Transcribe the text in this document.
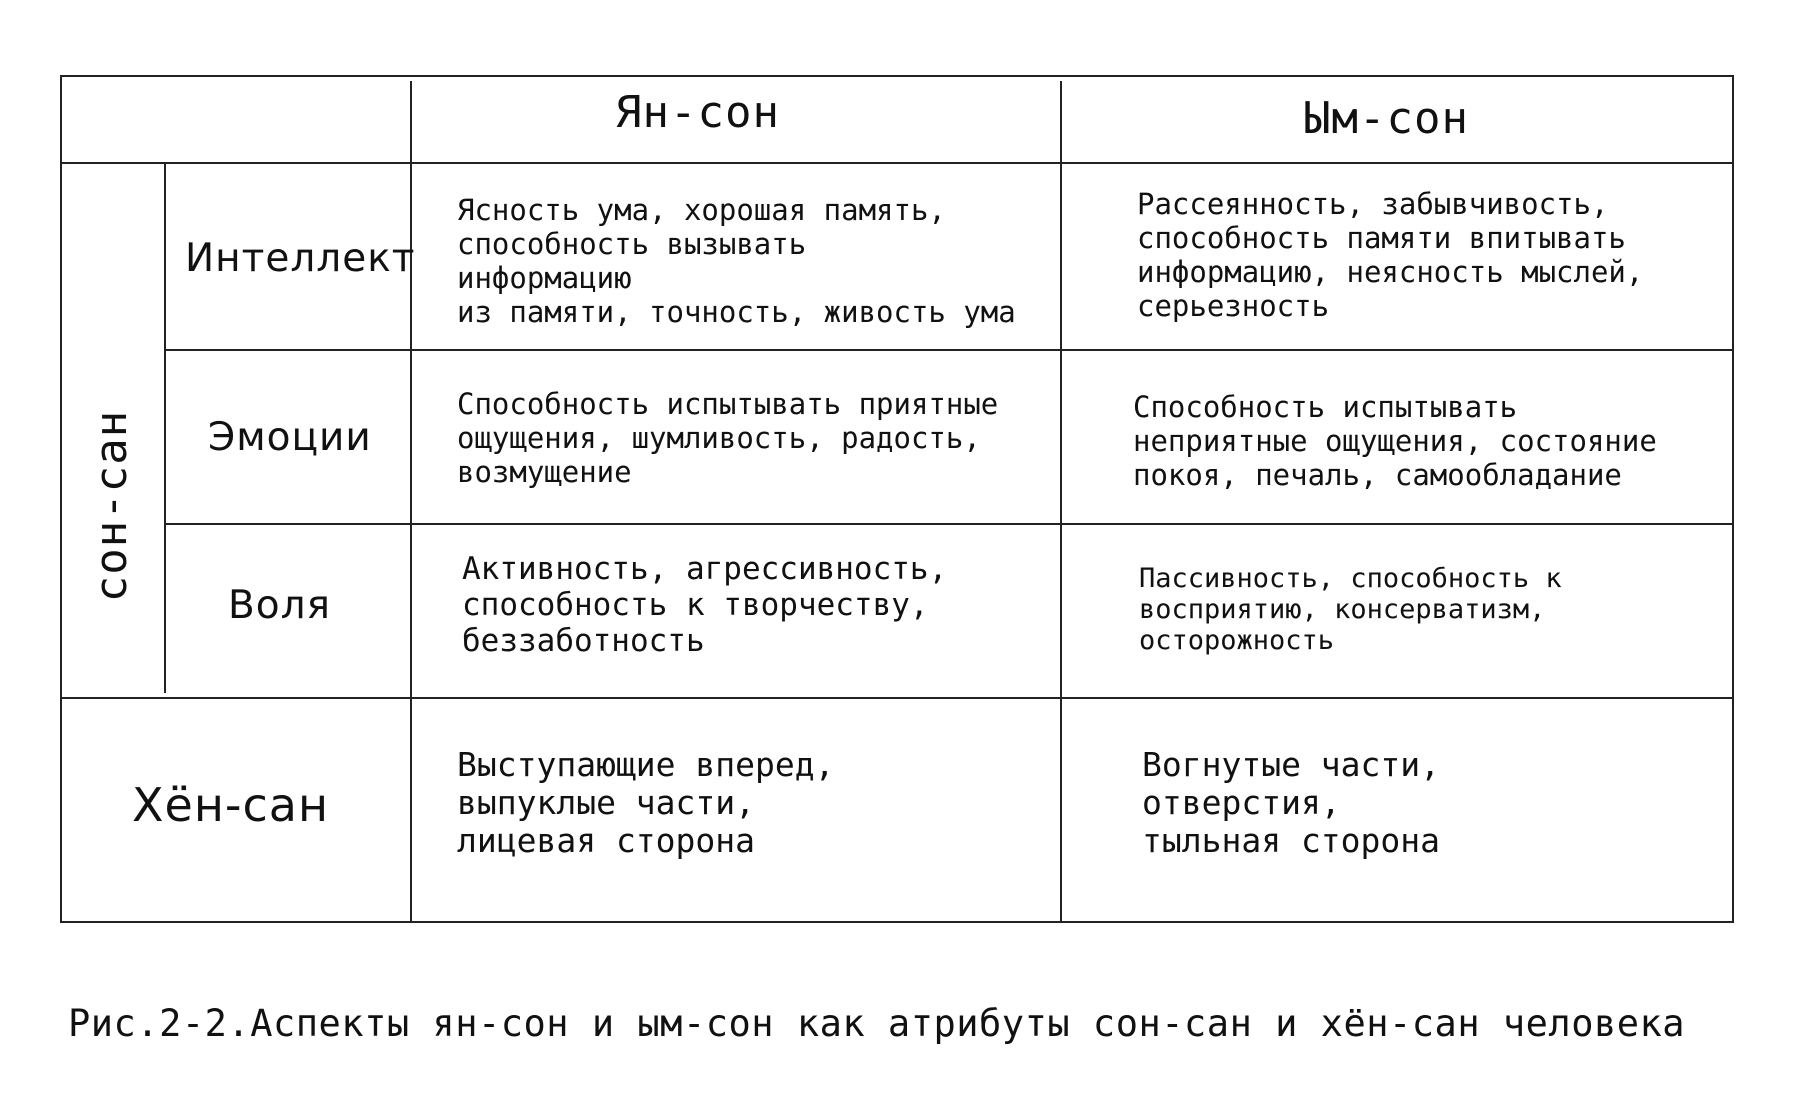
Ян-сон	Ым-сон
сон-сан
Интеллект
Эмоции
Воля
Хён-сан
Ясность ума, хорошая память,
способность вызывать
информацию
из памяти, точность, живость ума
Рассеянность, забывчивость,
способность памяти впитывать
информацию, неясность мыслей,
серьезность
Способность испытывать приятные
ощущения, шумливость, радость,
возмущение
Способность испытывать
неприятные ощущения, состояние
покоя, печаль, самообладание
Активность, агрессивность,
способность к творчеству,
беззаботность
Пассивность, способность к
восприятию, консерватизм,
осторожность
Выступающие вперед,
выпуклые части,
лицевая сторона
Вогнутые части,
отверстия,
тыльная сторона
Рис.2-2.Аспекты ян-сон и ым-сон как атрибуты сон-сан и хён-сан человека
